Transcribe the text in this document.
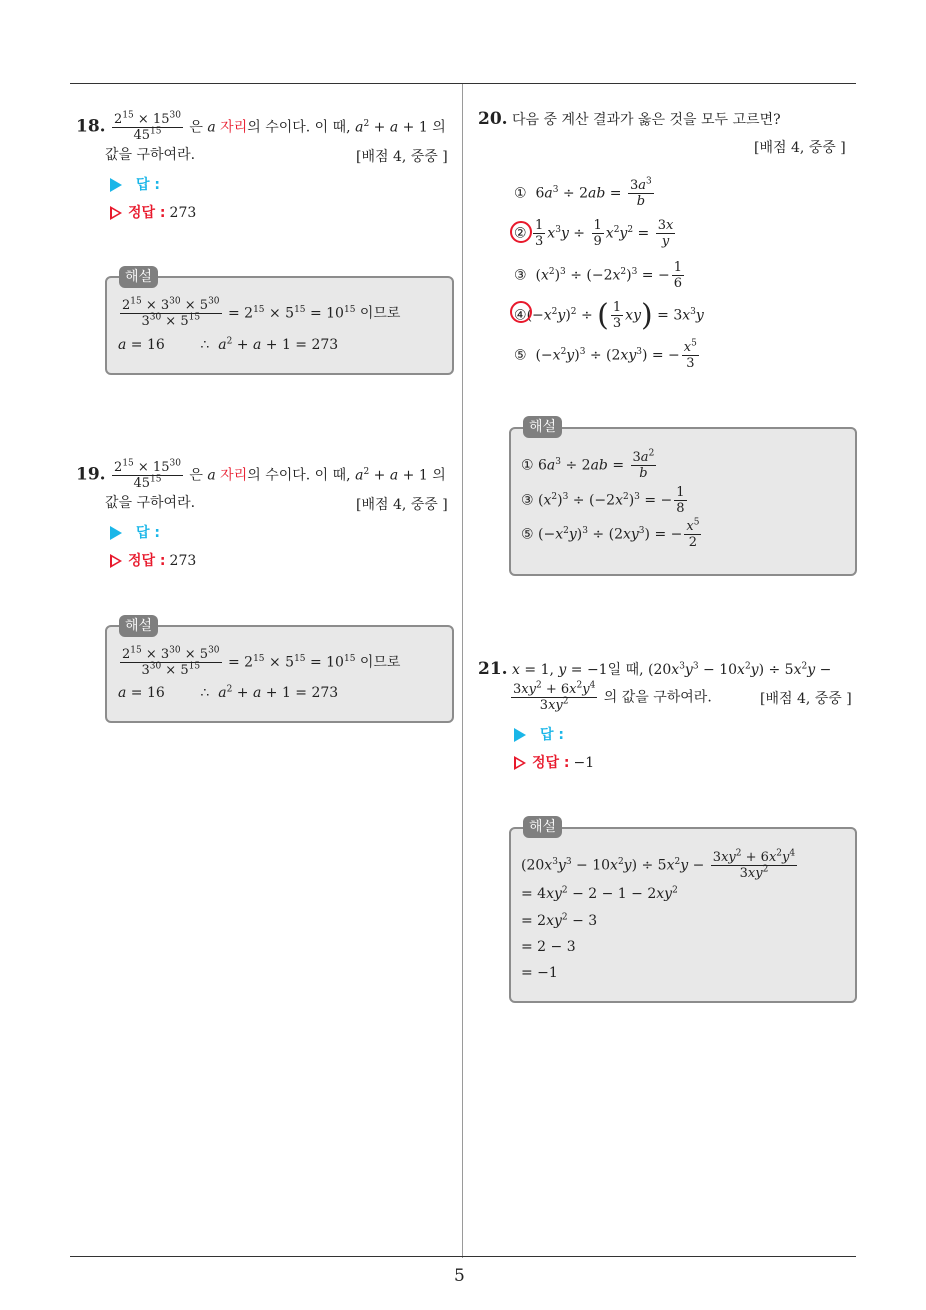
5
18. $\frac{2^{15} \times 15^{30}}{45^{15}}$ 은 a 자리의 수이다. 이 때, $a^2 + a + 1$ 의
값을 구하여라.	[배점 4, 중중 ]
답 :
정답 : 273
해설
$\frac{2^{15} \times 3^{30} \times 5^{30}}{3^{30} \times 5^{15}} = 2^{15} \times 5^{15} = 10^{15}$ 이므로
a = 16        ∴  $a^2 + a + 1 = 273$
19. $\frac{2^{15} \times 15^{30}}{45^{15}}$ 은 a 자리의 수이다. 이 때, $a^2 + a + 1$ 의
값을 구하여라.	[배점 4, 중중 ]
답 :
정답 : 273
해설
$\frac{2^{15} \times 3^{30} \times 5^{30}}{3^{30} \times 5^{15}} = 2^{15} \times 5^{15} = 10^{15}$ 이므로
a = 16        ∴  $a^2 + a + 1 = 273$
20. 다음 중 계산 결과가 옳은 것을 모두 고르면?
[배점 4, 중중 ]
①  $6a^3 \div 2ab = \frac{3a^3}{b}$
② $\frac{1}{3} x^3y \div \frac{1}{9} x^2y^2 = \frac{3x}{y}$
③  $(x^2)^3 \div (-2x^2)^3$ = − $\frac{1}{6}$
$④(-x^2y)^2$ ÷ ( $\frac{1}{3} xy) = 3x^3y$
⑤  $(-x^2y)^3 \div (2xy^3)$ = − $\frac{x^5}{3}$
해설
① $6a^3 \div 2ab = \frac{3a^2}{b}$
③ $(x^2)^3 \div (-2x^2)^3$ = − $\frac{1}{8}$
⑤ $(-x^2y)^3 \div (2xy^3)$ = − $\frac{x^5}{2}$
21. x = 1, y = −1일 때, $(20x^3y^3 - 10x^2y) \div 5x^2y$ −
$\frac{3xy^2 + 6x^2y^4}{3xy^2}$ 의 값을 구하여라.	[배점 4, 중중 ]
답 :
정답 : −1
해설
$(20x^3y^3 - 10x^2y) \div 5x^2y - \frac{3xy^2 + 6x^2y^4}{3xy^2}$
= $4xy^2 - 2 - 1 - 2xy^2$
= $2xy^2 - 3$
= 2 − 3
= −1
